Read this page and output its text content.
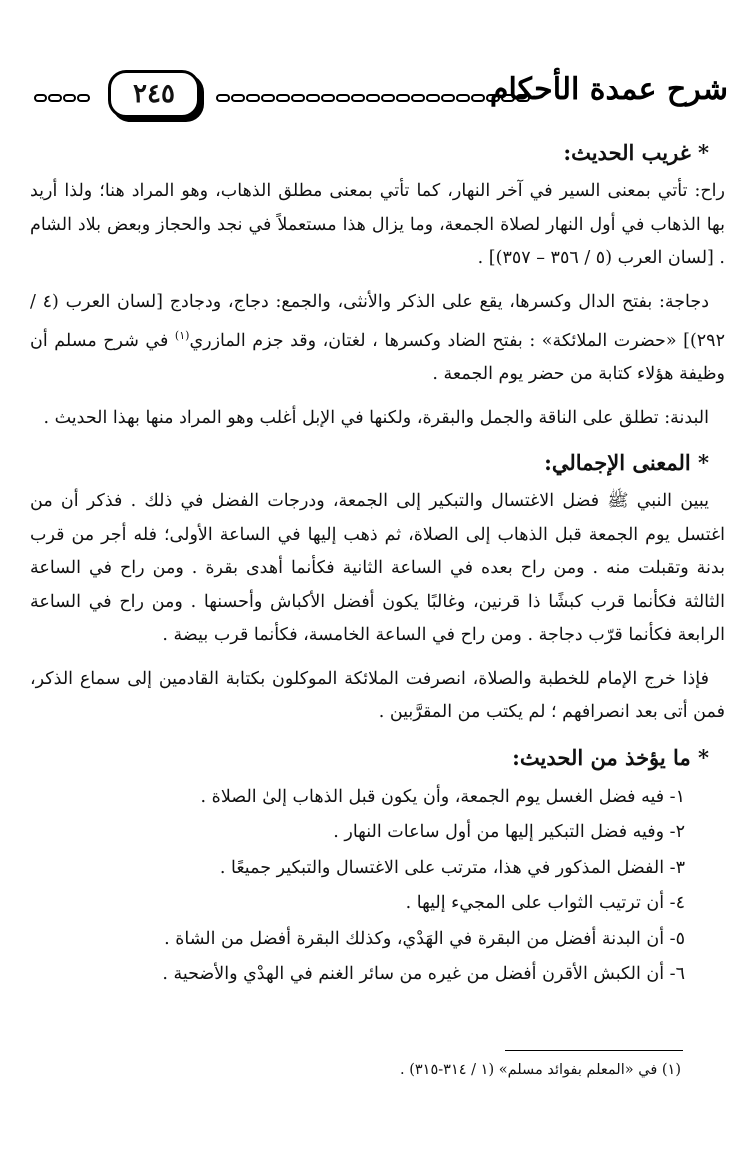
شرح عمدة الأحكام
٢٤٥
* غريب الحديث:

راح: تأتي بمعنى السير في آخر النهار، كما تأتي بمعنى مطلق الذهاب، وهو المراد هنا؛ ولذا أريد بها الذهاب في أول النهار لصلاة الجمعة، وما يزال هذا مستعملاً في نجد والحجاز وبعض بلاد الشام . [لسان العرب (٥ / ٣٥٦ – ٣٥٧)] .

دجاجة: بفتح الدال وكسرها، يقع على الذكر والأنثى، والجمع: دجاج، ودجادج [لسان العرب (٤ / ٢٩٢)] «حضرت الملائكة» : بفتح الضاد وكسرها ، لغتان، وقد جزم المازري$^{(١)}$ في شرح مسلم أن وظيفة هؤلاء كتابة من حضر يوم الجمعة .

البدنة: تطلق على الناقة والجمل والبقرة، ولكنها في الإبل أغلب وهو المراد منها بهذا الحديث .

* المعنى الإجمالي:

يبين النبي ﷺ فضل الاغتسال والتبكير إلى الجمعة، ودرجات الفضل في ذلك . فذكر أن من اغتسل يوم الجمعة قبل الذهاب إلى الصلاة، ثم ذهب إليها في الساعة الأولى؛ فله أجر من قرب بدنة وتقبلت منه . ومن راح بعده في الساعة الثانية فكأنما أهدى بقرة . ومن راح في الساعة الثالثة فكأنما قرب كبشًا ذا قرنين، وغالبًا يكون أفضل الأكباش وأحسنها . ومن راح في الساعة الرابعة فكأنما قرّب دجاجة . ومن راح في الساعة الخامسة، فكأنما قرب بيضة .

فإذا خرج الإمام للخطبة والصلاة، انصرفت الملائكة الموكلون بكتابة القادمين إلى سماع الذكر، فمن أتى بعد انصرافهم ؛ لم يكتب من المقرَّبين .

* ما يؤخذ من الحديث:
١- فيه فضل الغسل يوم الجمعة، وأن يكون قبل الذهاب إلىٰ الصلاة .
٢- وفيه فضل التبكير إليها من أول ساعات النهار .
٣- الفضل المذكور في هذا، مترتب على الاغتسال والتبكير جميعًا .
٤- أن ترتيب الثواب على المجيء إليها .
٥- أن البدنة أفضل من البقرة في الهَدْي، وكذلك البقرة أفضل من الشاة .
٦- أن الكبش الأقرن أفضل من غيره من سائر الغنم في الهدْي والأضحية .
(١) في «المعلم بفوائد مسلم» (١ / ٣١٤-٣١٥) .
